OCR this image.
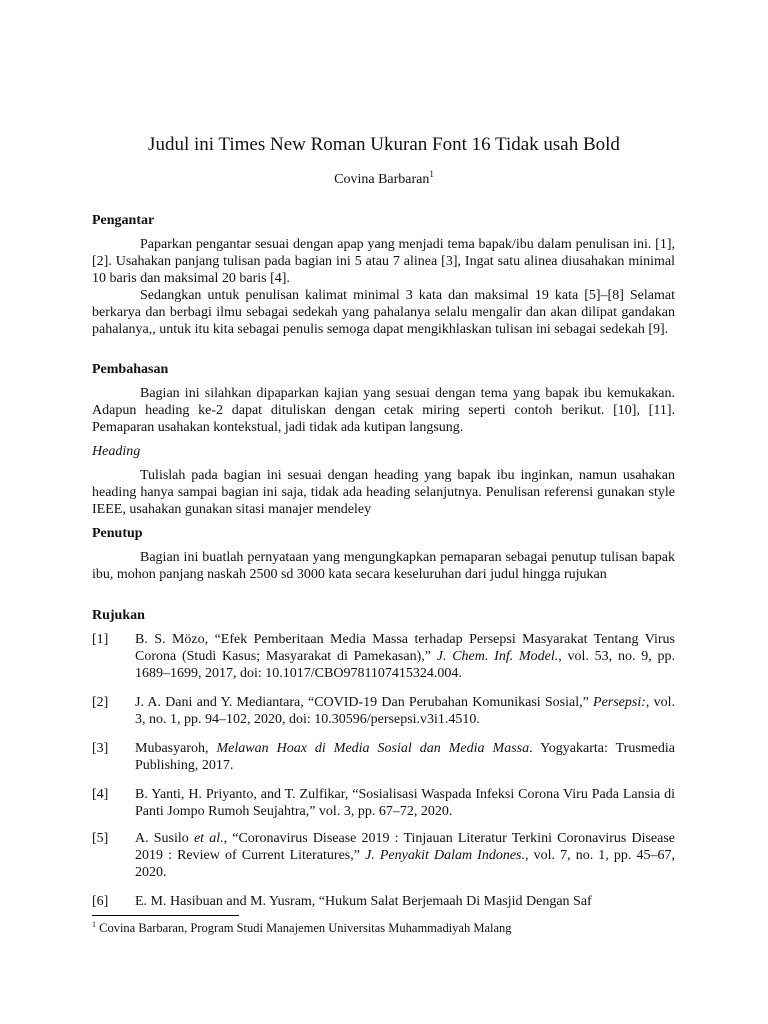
Judul ini Times New Roman Ukuran Font 16 Tidak usah Bold
Covina Barbaran$^1$
Pengantar

Paparkan pengantar sesuai dengan apap yang menjadi tema bapak/ibu dalam penulisan ini. [1], [2]. Usahakan panjang tulisan pada bagian ini 5 atau 7 alinea [3], Ingat satu alinea diusahakan minimal 10 baris dan maksimal 20 baris [4].

Sedangkan untuk penulisan kalimat minimal 3 kata dan maksimal 19 kata [5]–[8] Selamat berkarya dan berbagi ilmu sebagai sedekah yang pahalanya selalu mengalir dan akan dilipat gandakan pahalanya,, untuk itu kita sebagai penulis semoga dapat mengikhlaskan tulisan ini sebagai sedekah [9].

Pembahasan

Bagian ini silahkan dipaparkan kajian yang sesuai dengan tema yang bapak ibu kemukakan. Adapun heading ke-2 dapat dituliskan dengan cetak miring seperti contoh berikut. [10], [11]. Pemaparan usahakan kontekstual, jadi tidak ada kutipan langsung.

Heading

Tulislah pada bagian ini sesuai dengan heading yang bapak ibu inginkan, namun usahakan heading hanya sampai bagian ini saja, tidak ada heading selanjutnya. Penulisan referensi gunakan style IEEE, usahakan gunakan sitasi manajer mendeley

Penutup

Bagian ini buatlah pernyataan yang mengungkapkan pemaparan sebagai penutup tulisan bapak ibu, mohon panjang naskah 2500 sd 3000 kata secara keseluruhan dari judul hingga rujukan

Rujukan
[1] B. S. Mözo, “Efek Pemberitaan Media Massa terhadap Persepsi Masyarakat Tentang Virus Corona (Studi Kasus; Masyarakat di Pamekasan),” J. Chem. Inf. Model., vol. 53, no. 9, pp. 1689–1699, 2017, doi: 10.1017/CBO9781107415324.004.
[2] J. A. Dani and Y. Mediantara, “COVID-19 Dan Perubahan Komunikasi Sosial,” Persepsi:, vol. 3, no. 1, pp. 94–102, 2020, doi: 10.30596/persepsi.v3i1.4510.
[3] Mubasyaroh, Melawan Hoax di Media Sosial dan Media Massa. Yogyakarta: Trusmedia Publishing, 2017.
[4] B. Yanti, H. Priyanto, and T. Zulfikar, “Sosialisasi Waspada Infeksi Corona Viru Pada Lansia di Panti Jompo Rumoh Seujahtra,” vol. 3, pp. 67–72, 2020.
[5] A. Susilo et al., “Coronavirus Disease 2019 : Tinjauan Literatur Terkini Coronavirus Disease 2019 : Review of Current Literatures,” J. Penyakit Dalam Indones., vol. 7, no. 1, pp. 45–67, 2020.
[6] E. M. Hasibuan and M. Yusram, “Hukum Salat Berjemaah Di Masjid Dengan Saf
$^1$ Covina Barbaran, Program Studi Manajemen Universitas Muhammadiyah Malang
